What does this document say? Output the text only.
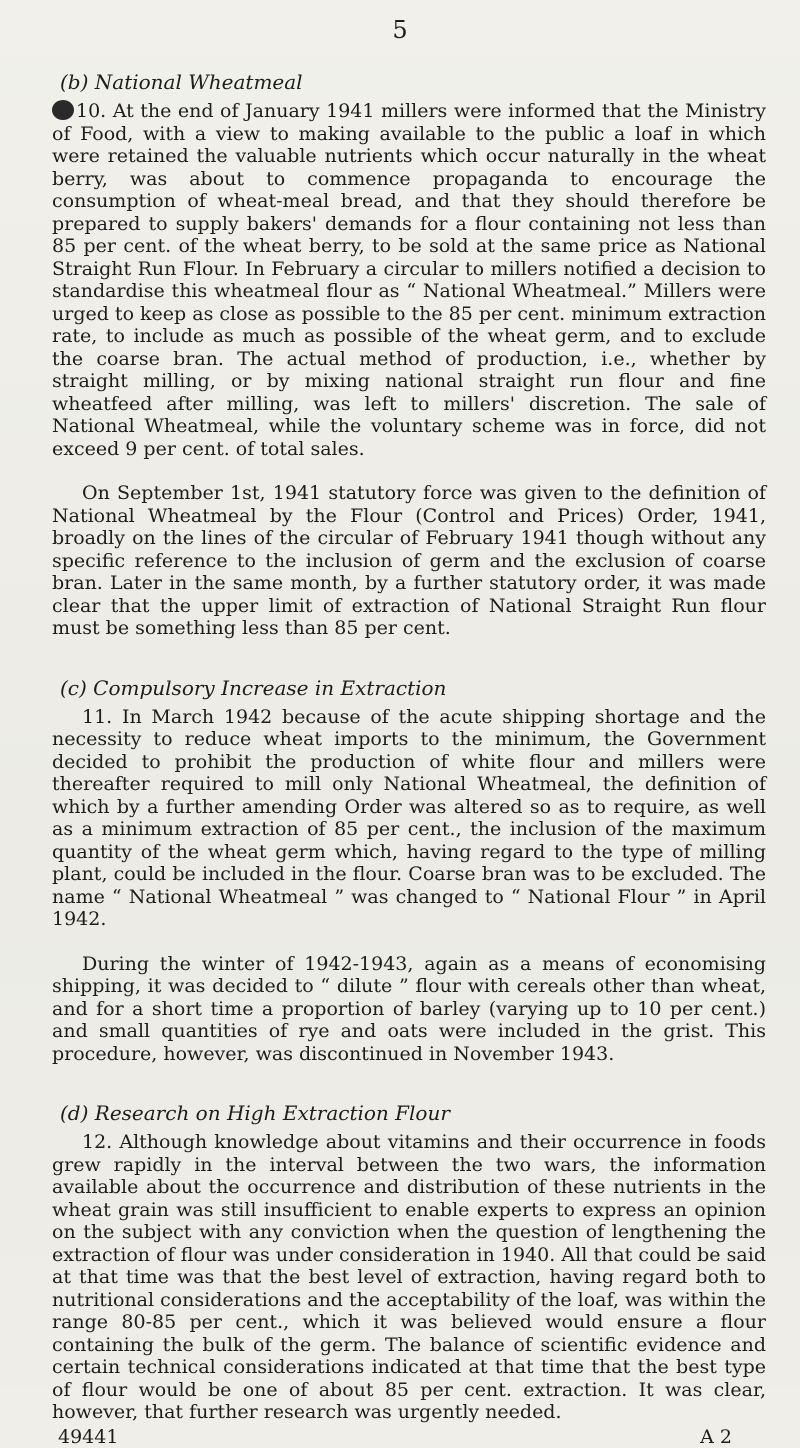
5
(b) National Wheatmeal

10. At the end of January 1941 millers were informed that the Ministry of Food, with a view to making available to the public a loaf in which were retained the valuable nutrients which occur naturally in the wheat berry, was about to commence propaganda to encourage the consumption of wheat-meal bread, and that they should therefore be prepared to supply bakers' demands for a flour containing not less than 85 per cent. of the wheat berry, to be sold at the same price as National Straight Run Flour. In February a circular to millers notified a decision to standardise this wheatmeal flour as “ National Wheatmeal.” Millers were urged to keep as close as possible to the 85 per cent. minimum extraction rate, to include as much as possible of the wheat germ, and to exclude the coarse bran. The actual method of production, i.e., whether by straight milling, or by mixing national straight run flour and fine wheatfeed after milling, was left to millers' discretion. The sale of National Wheatmeal, while the voluntary scheme was in force, did not exceed 9 per cent. of total sales.

On September 1st, 1941 statutory force was given to the definition of National Wheatmeal by the Flour (Control and Prices) Order, 1941, broadly on the lines of the circular of February 1941 though without any specific reference to the inclusion of germ and the exclusion of coarse bran. Later in the same month, by a further statutory order, it was made clear that the upper limit of extraction of National Straight Run flour must be something less than 85 per cent.

(c) Compulsory Increase in Extraction

11. In March 1942 because of the acute shipping shortage and the necessity to reduce wheat imports to the minimum, the Government decided to prohibit the production of white flour and millers were thereafter required to mill only National Wheatmeal, the definition of which by a further amending Order was altered so as to require, as well as a minimum extraction of 85 per cent., the inclusion of the maximum quantity of the wheat germ which, having regard to the type of milling plant, could be included in the flour. Coarse bran was to be excluded. The name “ National Wheatmeal ” was changed to “ National Flour ” in April 1942.

During the winter of 1942-1943, again as a means of economising shipping, it was decided to “ dilute ” flour with cereals other than wheat, and for a short time a proportion of barley (varying up to 10 per cent.) and small quantities of rye and oats were included in the grist. This procedure, however, was discontinued in November 1943.

(d) Research on High Extraction Flour

12. Although knowledge about vitamins and their occurrence in foods grew rapidly in the interval between the two wars, the information available about the occurrence and distribution of these nutrients in the wheat grain was still insufficient to enable experts to express an opinion on the subject with any conviction when the question of lengthening the extraction of flour was under consideration in 1940. All that could be said at that time was that the best level of extraction, having regard both to nutritional considerations and the acceptability of the loaf, was within the range 80-85 per cent., which it was believed would ensure a flour containing the bulk of the germ. The balance of scientific evidence and certain technical considerations indicated at that time that the best type of flour would be one of about 85 per cent. extraction. It was clear, however, that further research was urgently needed.

49441	A 2
